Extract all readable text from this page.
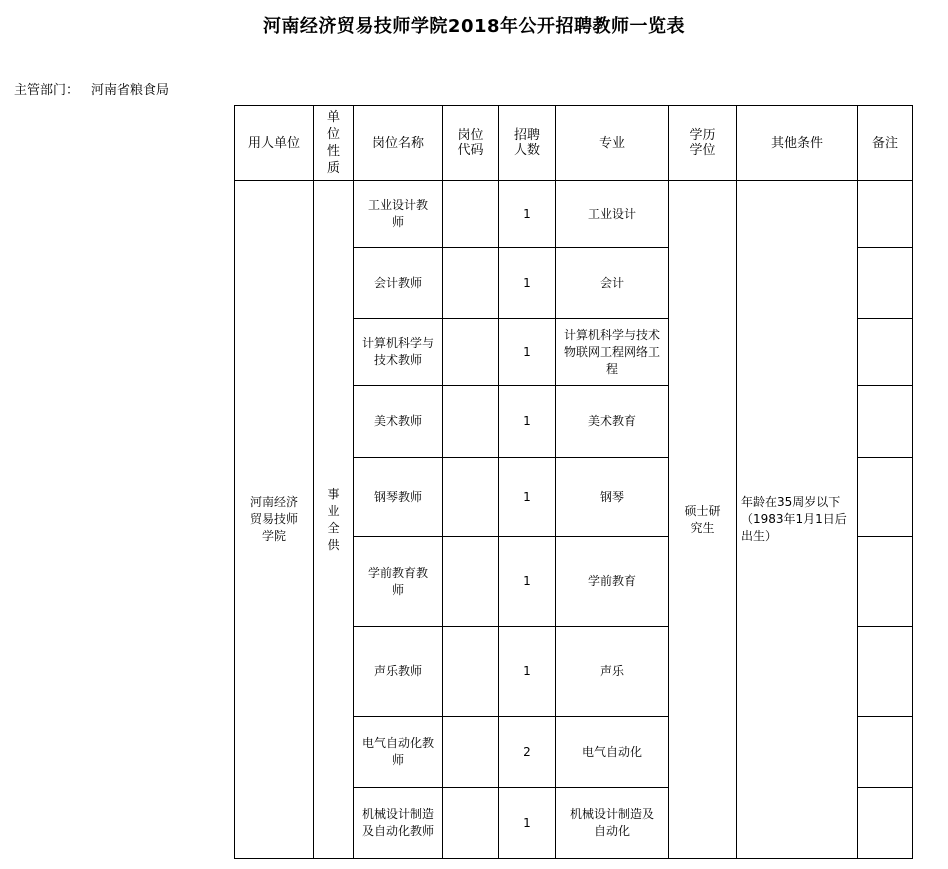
河南经济贸易技师学院2018年公开招聘教师一览表
主管部门： 河南省粮食局
用人单位	单位性质	岗位名称	岗位代码	招聘人数	专业	学历学位	其他条件	备注
河南经济贸易技师学院	事业全供	工业设计教师		1	工业设计	硕士研究生	年龄在35周岁以下（1983年1月1日后出生）	
		会计教师		1	会计			
		计算机科学与技术教师		1	计算机科学与技术物联网工程网络工程			
		美术教师		1	美术教育			
		钢琴教师		1	钢琴			
		学前教育教师		1	学前教育			
		声乐教师		1	声乐			
		电气自动化教师		2	电气自动化			
		机械设计制造及自动化教师		1	机械设计制造及自动化			
